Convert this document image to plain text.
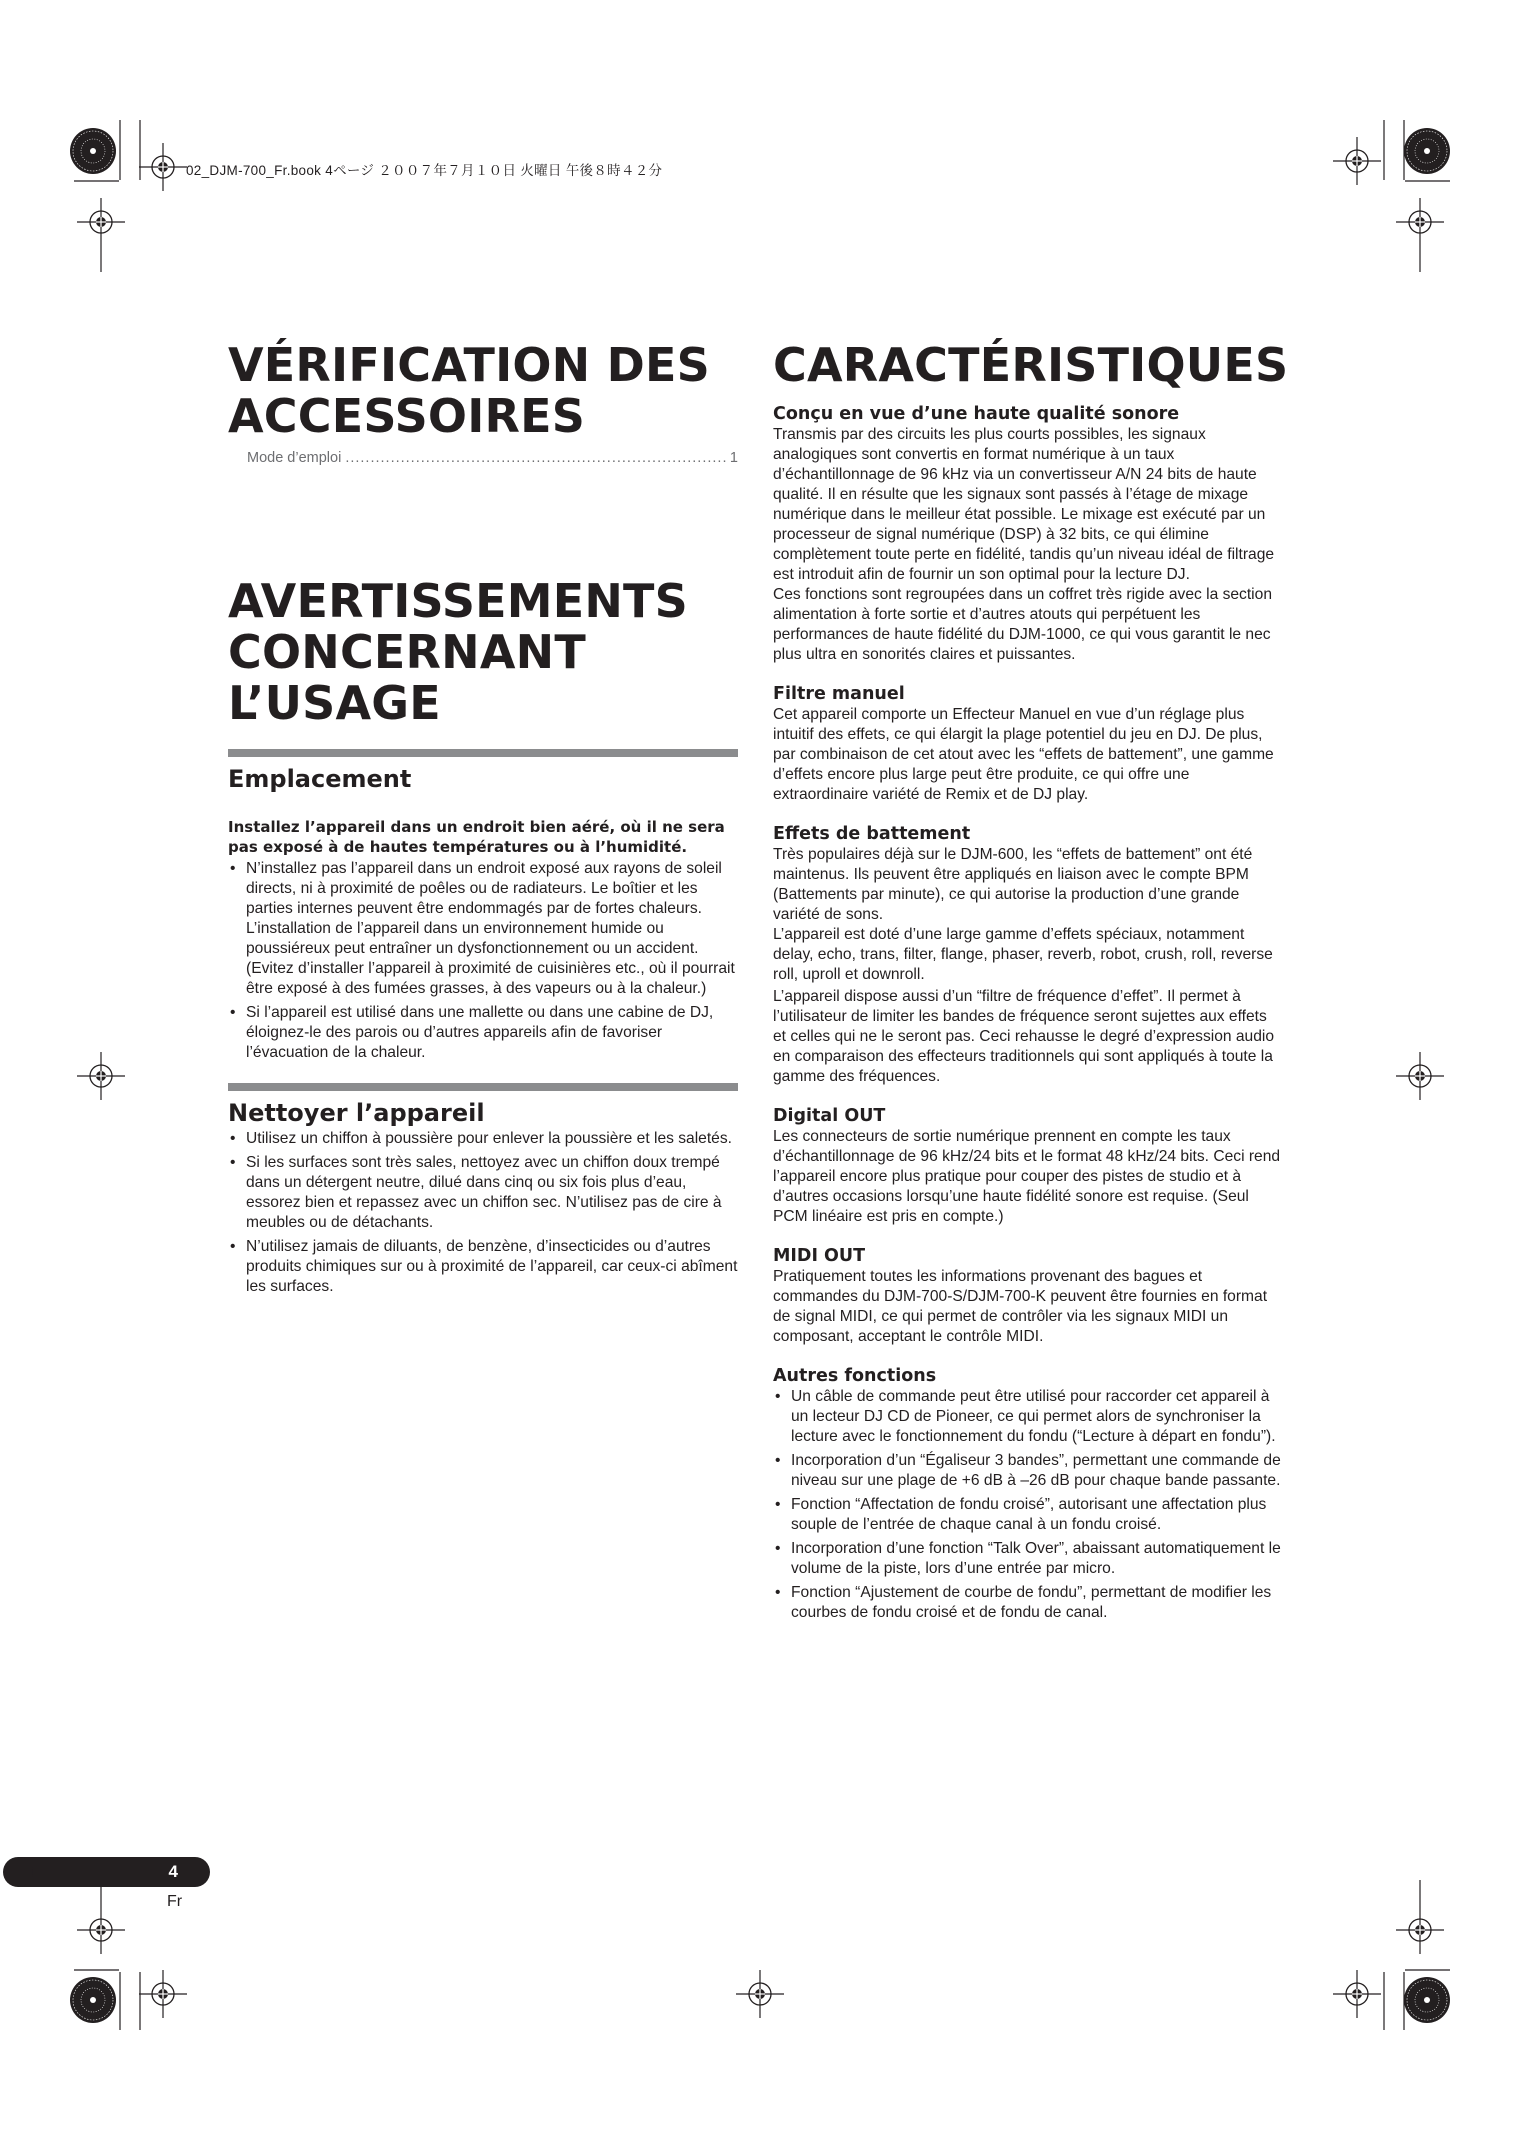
02_DJM-700_Fr.book 4ページ ２００７年７月１０日 火曜日 午後８時４２分
VÉRIFICATION DES
ACCESSOIRES
Mode d’emploi
.....	1
AVERTISSEMENTS
CONCERNANT L’USAGE
Emplacement
Installez l’appareil dans un endroit bien aéré, où il ne sera pas exposé à de hautes températures ou à l’humidité.
• N’installez pas l’appareil dans un endroit exposé aux rayons de soleil directs, ni à proximité de poêles ou de radiateurs. Le boîtier et les parties internes peuvent être endommagés par de fortes chaleurs. L’installation de l’appareil dans un environnement humide ou poussiéreux peut entraîner un dysfonctionnement ou un accident. (Evitez d’installer l’appareil à proximité de cuisinières etc., où il pourrait être exposé à des fumées grasses, à des vapeurs ou à la chaleur.)
• Si l’appareil est utilisé dans une mallette ou dans une cabine de DJ, éloignez-le des parois ou d’autres appareils afin de favoriser l’évacuation de la chaleur.
Nettoyer l’appareil
• Utilisez un chiffon à poussière pour enlever la poussière et les saletés.
• Si les surfaces sont très sales, nettoyez avec un chiffon doux trempé dans un détergent neutre, dilué dans cinq ou six fois plus d’eau, essorez bien et repassez avec un chiffon sec. N’utilisez pas de cire à meubles ou de détachants.
• N’utilisez jamais de diluants, de benzène, d’insecticides ou d’autres produits chimiques sur ou à proximité de l’appareil, car ceux-ci abîment les surfaces.
CARACTÉRISTIQUES
Conçu en vue d’une haute qualité sonore

Transmis par des circuits les plus courts possibles, les signaux analogiques sont convertis en format numérique à un taux d’échantillonnage de 96 kHz via un convertisseur A/N 24 bits de haute qualité. Il en résulte que les signaux sont passés à l’étage de mixage numérique dans le meilleur état possible. Le mixage est exécuté par un processeur de signal numérique (DSP) à 32 bits, ce qui élimine complètement toute perte en fidélité, tandis qu’un niveau idéal de filtrage est introduit afin de fournir un son optimal pour la lecture DJ.

Ces fonctions sont regroupées dans un coffret très rigide avec la section alimentation à forte sortie et d’autres atouts qui perpétuent les performances de haute fidélité du DJM-1000, ce qui vous garantit le nec plus ultra en sonorités claires et puissantes.

Filtre manuel

Cet appareil comporte un Effecteur Manuel en vue d’un réglage plus intuitif des effets, ce qui élargit la plage potentiel du jeu en DJ. De plus, par combinaison de cet atout avec les “effets de battement”, une gamme d’effets encore plus large peut être produite, ce qui offre une extraordinaire variété de Remix et de DJ play.

Effets de battement

Très populaires déjà sur le DJM-600, les “effets de battement” ont été maintenus. Ils peuvent être appliqués en liaison avec le compte BPM (Battements par minute), ce qui autorise la production d’une grande variété de sons.

L’appareil est doté d’une large gamme d’effets spéciaux, notamment delay, echo, trans, filter, flange, phaser, reverb, robot, crush, roll, reverse roll, uproll et downroll.

L’appareil dispose aussi d’un “filtre de fréquence d’effet”. Il permet à l’utilisateur de limiter les bandes de fréquence seront sujettes aux effets et celles qui ne le seront pas. Ceci rehausse le degré d’expression audio en comparaison des effecteurs traditionnels qui sont appliqués à toute la gamme des fréquences.

Digital OUT

Les connecteurs de sortie numérique prennent en compte les taux d’échantillonnage de 96 kHz/24 bits et le format 48 kHz/24 bits. Ceci rend l’appareil encore plus pratique pour couper des pistes de studio et à d’autres occasions lorsqu’une haute fidélité sonore est requise. (Seul PCM linéaire est pris en compte.)

MIDI OUT

Pratiquement toutes les informations provenant des bagues et commandes du DJM-700-S/DJM-700-K peuvent être fournies en format de signal MIDI, ce qui permet de contrôler via les signaux MIDI un composant, acceptant le contrôle MIDI.

Autres fonctions
• Un câble de commande peut être utilisé pour raccorder cet appareil à un lecteur DJ CD de Pioneer, ce qui permet alors de synchroniser la lecture avec le fonctionnement du fondu (“Lecture à départ en fondu”).
• Incorporation d’un “Égaliseur 3 bandes”, permettant une commande de niveau sur une plage de +6 dB à –26 dB pour chaque bande passante.
• Fonction “Affectation de fondu croisé”, autorisant une affectation plus souple de l’entrée de chaque canal à un fondu croisé.
• Incorporation d’une fonction “Talk Over”, abaissant automatiquement le volume de la piste, lors d’une entrée par micro.
• Fonction “Ajustement de courbe de fondu”, permettant de modifier les courbes de fondu croisé et de fondu de canal.
4
Fr
